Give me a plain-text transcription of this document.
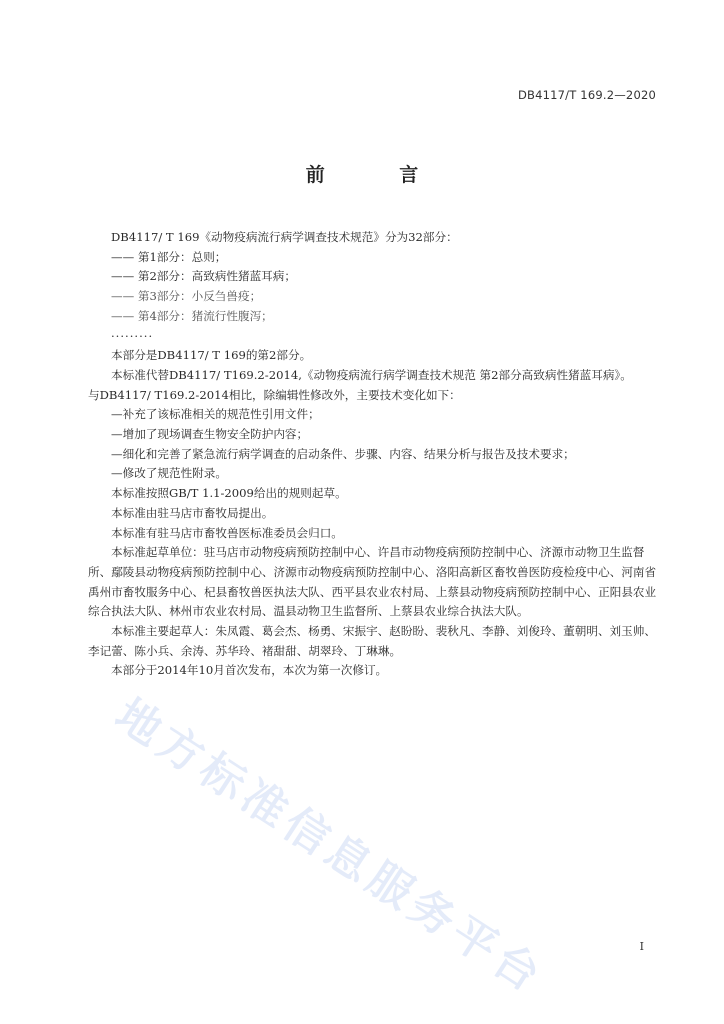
DB4117/T 169.2—2020
前 言

DB4117/ T 169《动物疫病流行病学调查技术规范》分为32部分：

—— 第1部分：总则；

—— 第2部分：高致病性猪蓝耳病；

—— 第3部分：小反刍兽疫；

—— 第4部分：猪流行性腹泻；

·········

本部分是DB4117/ T 169的第2部分。

本标准代替DB4117/ T169.2-2014,《动物疫病流行病学调查技术规范 第2部分高致病性猪蓝耳病》。

与DB4117/ T169.2-2014相比，除编辑性修改外，主要技术变化如下：

—补充了该标准相关的规范性引用文件；

—增加了现场调查生物安全防护内容；

—细化和完善了紧急流行病学调查的启动条件、步骤、内容、结果分析与报告及技术要求；

—修改了规范性附录。

本标准按照GB/T 1.1-2009给出的规则起草。

本标准由驻马店市畜牧局提出。

本标准有驻马店市畜牧兽医标准委员会归口。

本标准起草单位：驻马店市动物疫病预防控制中心、许昌市动物疫病预防控制中心、济源市动物卫生监督所、鄢陵县动物疫病预防控制中心、济源市动物疫病预防控制中心、洛阳高新区畜牧兽医防疫检疫中心、河南省禹州市畜牧服务中心、杞县畜牧兽医执法大队、西平县农业农村局、上蔡县动物疫病预防控制中心、正阳县农业综合执法大队、林州市农业农村局、温县动物卫生监督所、上蔡县农业综合执法大队。

本标准主要起草人：朱凤霞、葛会杰、杨勇、宋振宇、赵盼盼、裴秋凡、李静、刘俊玲、董朝明、刘玉帅、李记蕾、陈小兵、余涛、苏华玲、褚甜甜、胡翠玲、丁琳琳。

本部分于2014年10月首次发布，本次为第一次修订。

I
地方标准信息服务平台
